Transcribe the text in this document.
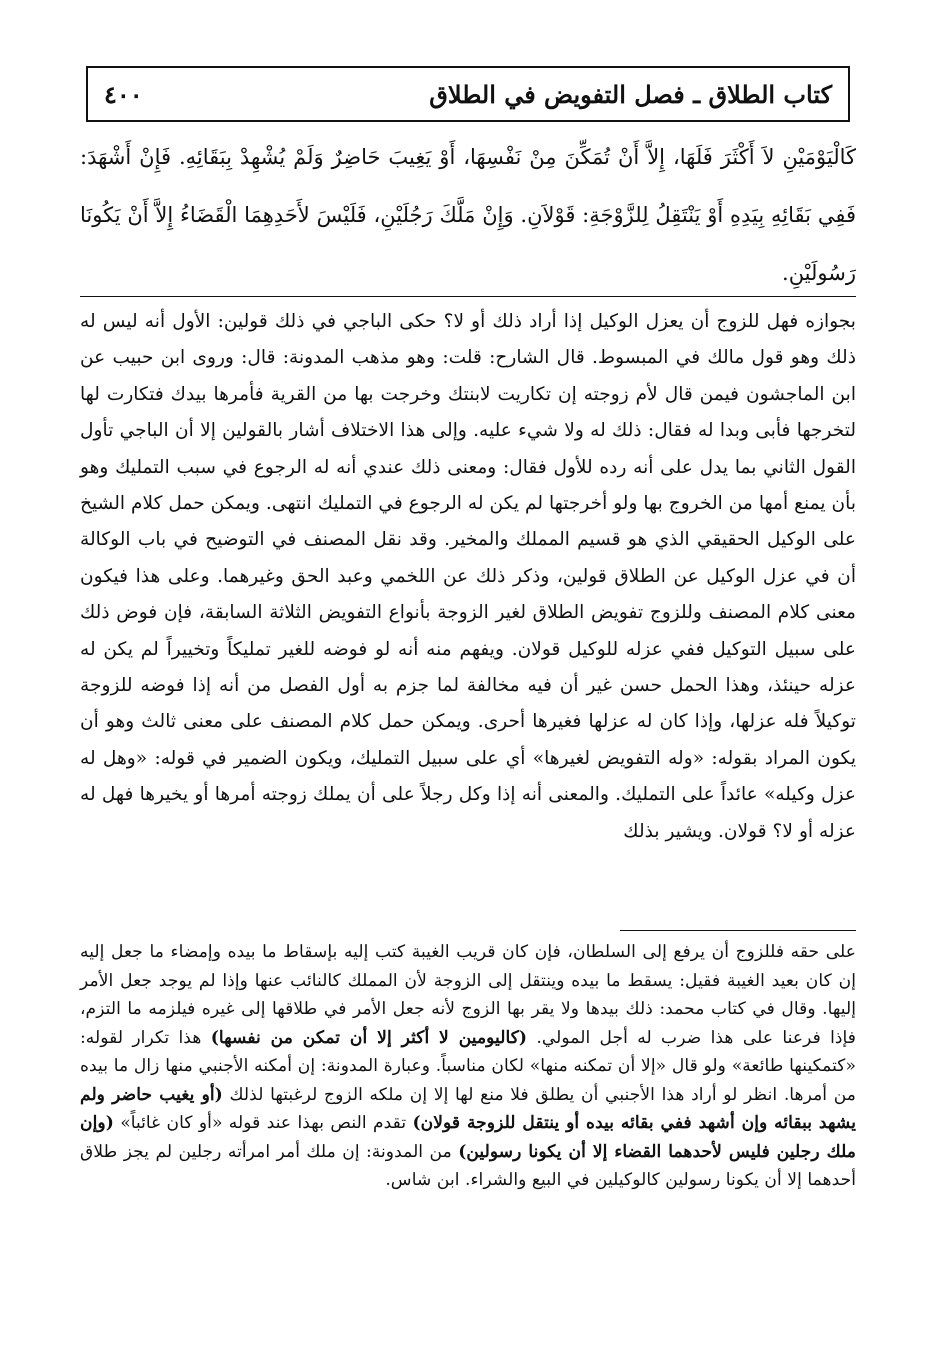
كتاب الطلاق ـ فصل التفويض في الطلاق
٤٠٠

كَالْيَوْمَيْنِ لاَ أَكْثَرَ فَلَهَا، إِلاَّ أَنْ تُمَكِّنَ مِنْ نَفْسِهَا، أَوْ يَغِيبَ حَاضِرٌ وَلَمْ يُشْهِدْ بِبَقَائِهِ. فَإِنْ أَشْهَدَ: فَفِي بَقَائِهِ بِيَدِهِ أَوْ يَنْتَقِلُ لِلزَّوْجَةِ: قَوْلاَنِ. وَإِنْ مَلَّكَ رَجُلَيْنِ، فَلَيْسَ لأَحَدِهِمَا الْقَضَاءُ إِلاَّ أَنْ يَكُونَا رَسُولَيْنِ.

بجوازه فهل للزوج أن يعزل الوكيل إذا أراد ذلك أو لا؟ حكى الباجي في ذلك قولين: الأول أنه ليس له ذلك وهو قول مالك في المبسوط. قال الشارح: قلت: وهو مذهب المدونة: قال: وروى ابن حبيب عن ابن الماجشون فيمن قال لأم زوجته إن تكاريت لابنتك وخرجت بها من القرية فأمرها بيدك فتكارت لها لتخرجها فأبى وبدا له فقال: ذلك له ولا شيء عليه. وإلى هذا الاختلاف أشار بالقولين إلا أن الباجي تأول القول الثاني بما يدل على أنه رده للأول فقال: ومعنى ذلك عندي أنه له الرجوع في سبب التمليك وهو بأن يمنع أمها من الخروج بها ولو أخرجتها لم يكن له الرجوع في التمليك انتهى. ويمكن حمل كلام الشيخ على الوكيل الحقيقي الذي هو قسيم المملك والمخير. وقد نقل المصنف في التوضيح في باب الوكالة أن في عزل الوكيل عن الطلاق قولين، وذكر ذلك عن اللخمي وعبد الحق وغيرهما. وعلى هذا فيكون معنى كلام المصنف وللزوج تفويض الطلاق لغير الزوجة بأنواع التفويض الثلاثة السابقة، فإن فوض ذلك على سبيل التوكيل ففي عزله للوكيل قولان. ويفهم منه أنه لو فوضه للغير تمليكاً وتخييراً لم يكن له عزله حينئذ، وهذا الحمل حسن غير أن فيه مخالفة لما جزم به أول الفصل من أنه إذا فوضه للزوجة توكيلاً فله عزلها، وإذا كان له عزلها فغيرها أحرى. ويمكن حمل كلام المصنف على معنى ثالث وهو أن يكون المراد بقوله: «وله التفويض لغيرها» أي على سبيل التمليك، ويكون الضمير في قوله: «وهل له عزل وكيله» عائداً على التمليك. والمعنى أنه إذا وكل رجلاً على أن يملك زوجته أمرها أو يخيرها فهل له عزله أو لا؟ قولان. ويشير بذلك

على حقه فللزوج أن يرفع إلى السلطان، فإن كان قريب الغيبة كتب إليه بإسقاط ما بيده وإمضاء ما جعل إليه إن كان بعيد الغيبة فقيل: يسقط ما بيده وينتقل إلى الزوجة لأن المملك كالنائب عنها وإذا لم يوجد جعل الأمر إليها. وقال في كتاب محمد: ذلك بيدها ولا يقر بها الزوج لأنه جعل الأمر في طلاقها إلى غيره فيلزمه ما التزم، فإذا فرعنا على هذا ضرب له أجل المولي. (كاليومين لا أكثر إلا أن تمكن من نفسها) هذا تكرار لقوله: «كتمكينها طائعة» ولو قال «إلا أن تمكنه منها» لكان مناسباً. وعبارة المدونة: إن أمكنه الأجنبي منها زال ما بيده من أمرها. انظر لو أراد هذا الأجنبي أن يطلق فلا منع لها إلا إن ملكه الزوج لرغبتها لذلك (أو يغيب حاضر ولم يشهد ببقائه وإن أشهد ففي بقائه بيده أو ينتقل للزوجة قولان) تقدم النص بهذا عند قوله «أو كان غائباً» (وإن ملك رجلين فليس لأحدهما القضاء إلا أن يكونا رسولين) من المدونة: إن ملك أمر امرأته رجلين لم يجز طلاق أحدهما إلا أن يكونا رسولين كالوكيلين في البيع والشراء. ابن شاس.
